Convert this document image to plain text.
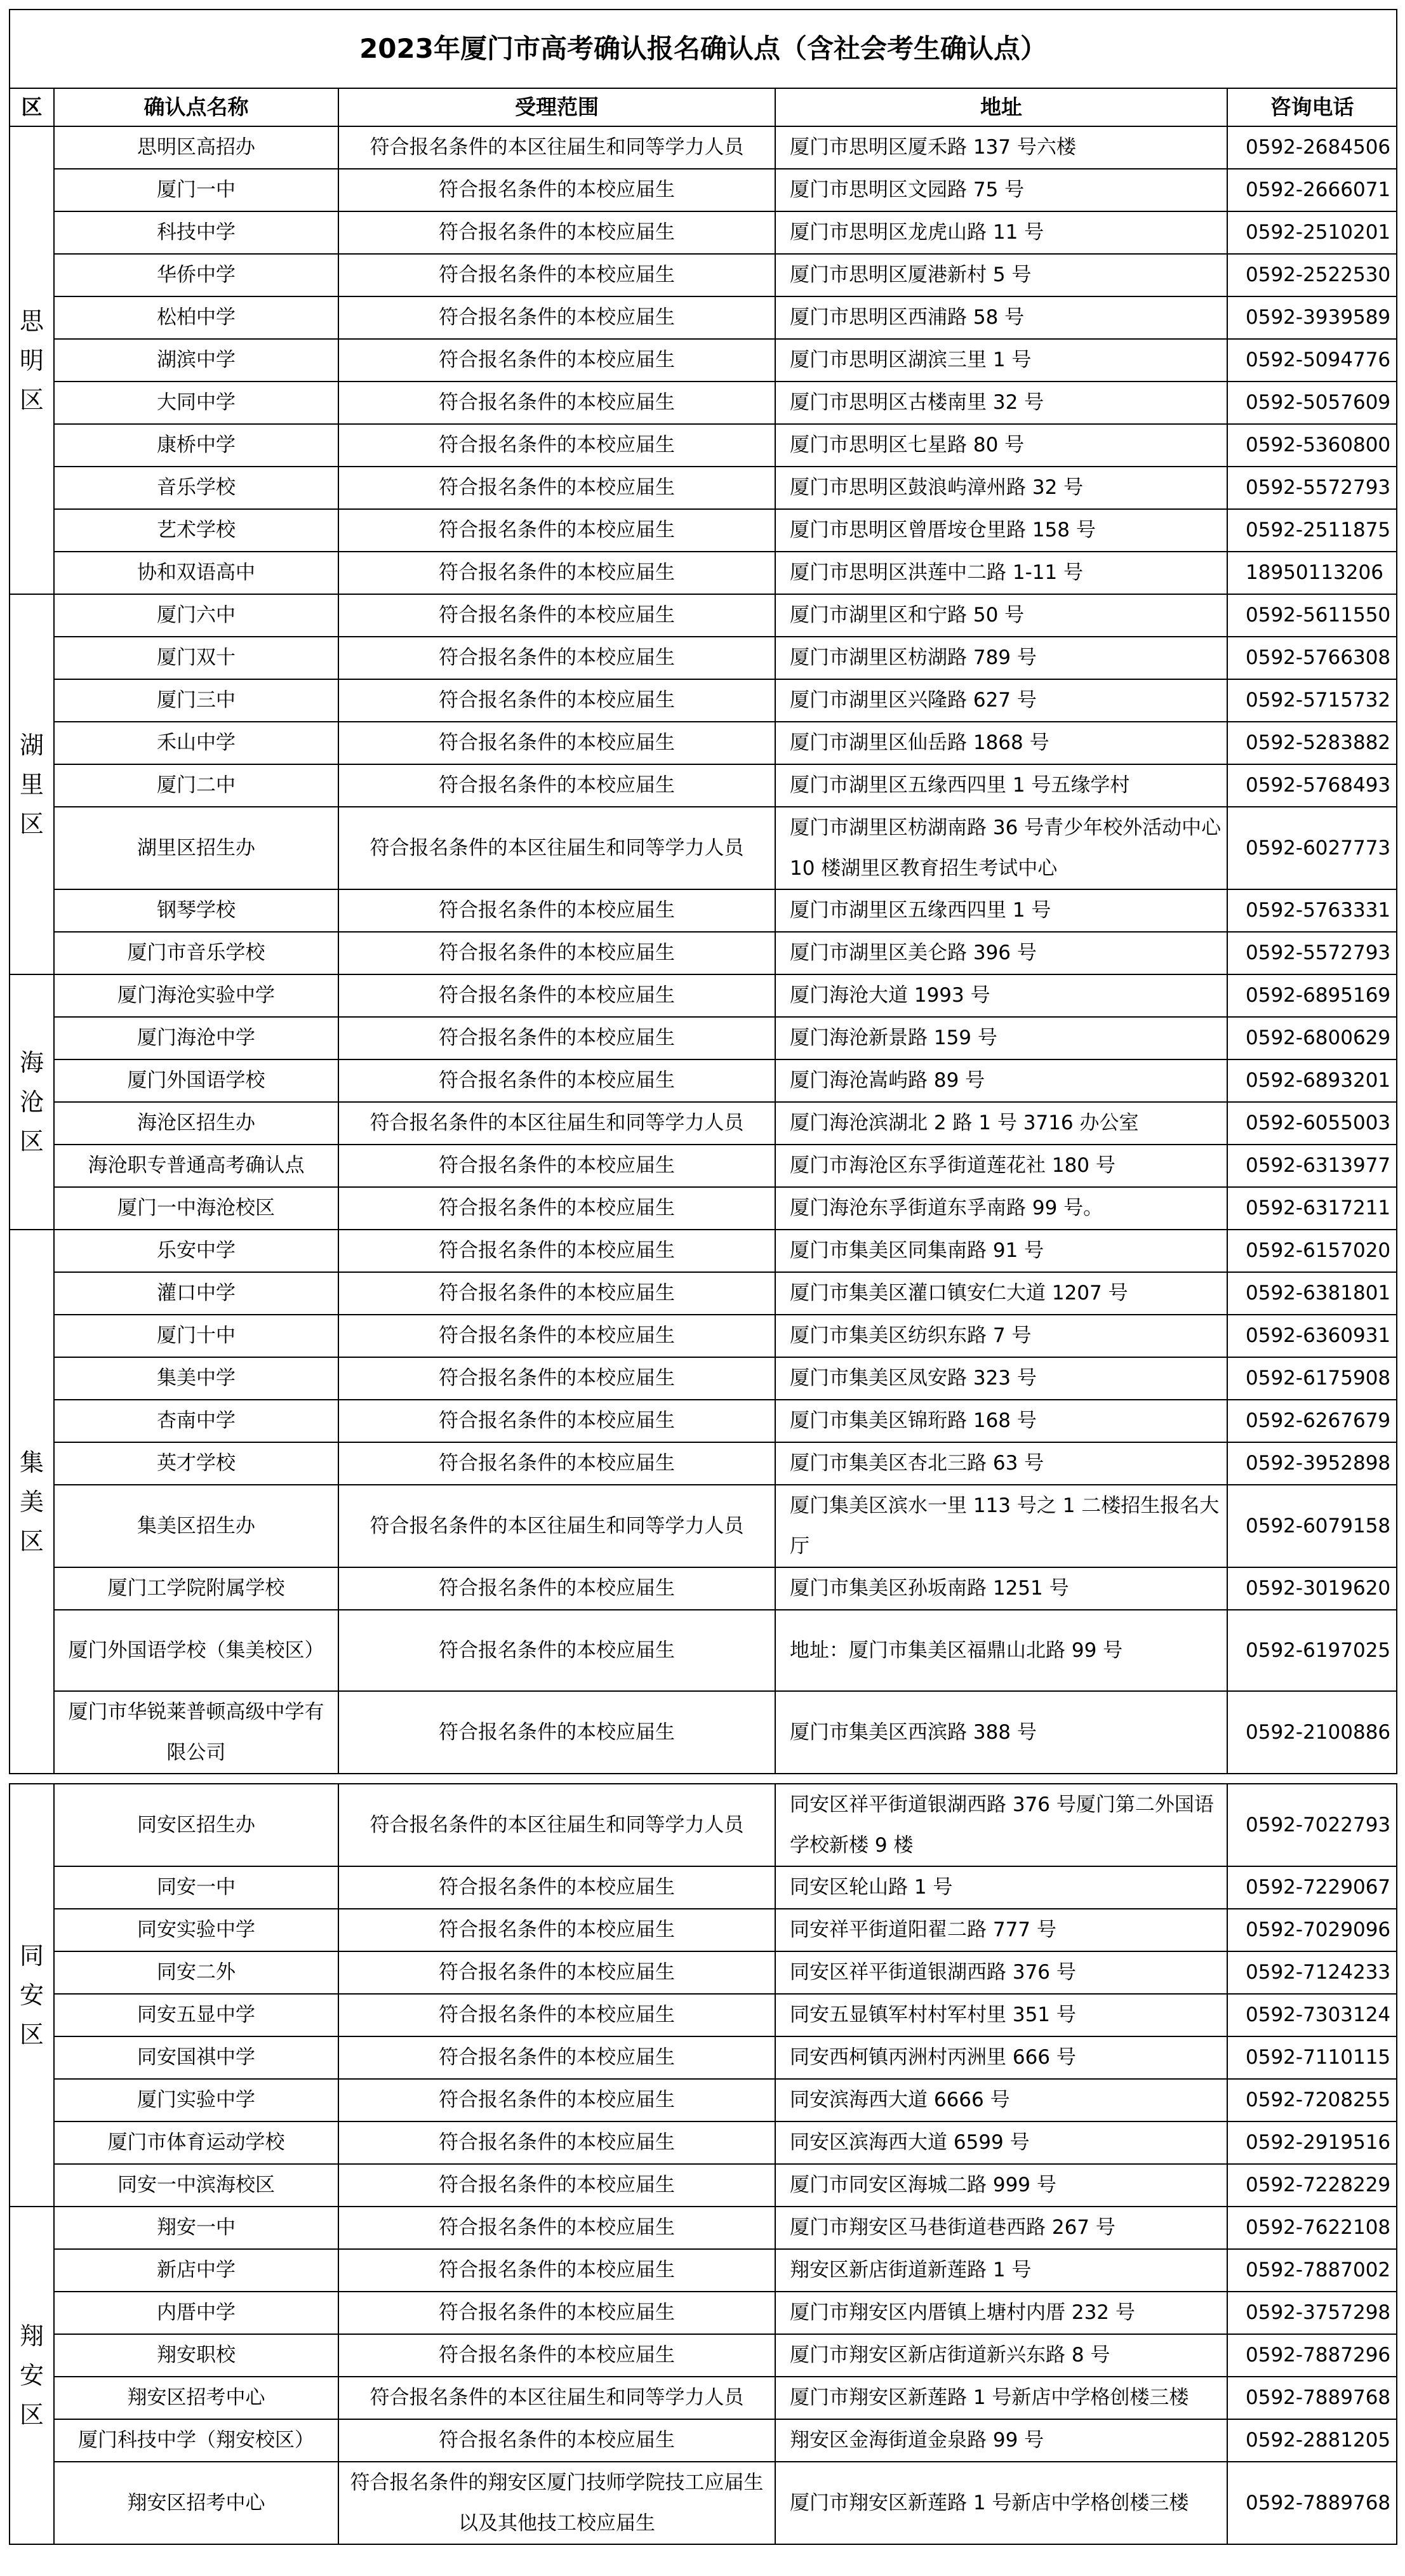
2023年厦门市高考确认报名确认点（含社会考生确认点）				
区	确认点名称	受理范围	地址	咨询电话

思明区	思明区高招办	符合报名条件的本区往届生和同等学力人员	厦门市思明区厦禾路 137 号六楼	0592-2684506
	厦门一中	符合报名条件的本校应届生	厦门市思明区文园路 75 号	0592-2666071
	科技中学	符合报名条件的本校应届生	厦门市思明区龙虎山路 11 号	0592-2510201
	华侨中学	符合报名条件的本校应届生	厦门市思明区厦港新村 5 号	0592-2522530
	松柏中学	符合报名条件的本校应届生	厦门市思明区西浦路 58 号	0592-3939589
	湖滨中学	符合报名条件的本校应届生	厦门市思明区湖滨三里 1 号	0592-5094776
	大同中学	符合报名条件的本校应届生	厦门市思明区古楼南里 32 号	0592-5057609
	康桥中学	符合报名条件的本校应届生	厦门市思明区七星路 80 号	0592-5360800
	音乐学校	符合报名条件的本校应届生	厦门市思明区鼓浪屿漳州路 32 号	0592-5572793
	艺术学校	符合报名条件的本校应届生	厦门市思明区曾厝垵仓里路 158 号	0592-2511875
	协和双语高中	符合报名条件的本校应届生	厦门市思明区洪莲中二路 1-11 号	18950113206

湖里区	厦门六中	符合报名条件的本校应届生	厦门市湖里区和宁路 50 号	0592-5611550
	厦门双十	符合报名条件的本校应届生	厦门市湖里区枋湖路 789 号	0592-5766308
	厦门三中	符合报名条件的本校应届生	厦门市湖里区兴隆路 627 号	0592-5715732
	禾山中学	符合报名条件的本校应届生	厦门市湖里区仙岳路 1868 号	0592-5283882
	厦门二中	符合报名条件的本校应届生	厦门市湖里区五缘西四里 1 号五缘学村	0592-5768493
	湖里区招生办	符合报名条件的本区往届生和同等学力人员	厦门市湖里区枋湖南路 36 号青少年校外活动中心 10 楼湖里区教育招生考试中心	0592-6027773
	钢琴学校	符合报名条件的本校应届生	厦门市湖里区五缘西四里 1 号	0592-5763331
	厦门市音乐学校	符合报名条件的本校应届生	厦门市湖里区美仑路 396 号	0592-5572793

海沧区	厦门海沧实验中学	符合报名条件的本校应届生	厦门海沧大道 1993 号	0592-6895169
	厦门海沧中学	符合报名条件的本校应届生	厦门海沧新景路 159 号	0592-6800629
	厦门外国语学校	符合报名条件的本校应届生	厦门海沧嵩屿路 89 号	0592-6893201
	海沧区招生办	符合报名条件的本区往届生和同等学力人员	厦门海沧滨湖北 2 路 1 号 3716 办公室	0592-6055003
	海沧职专普通高考确认点	符合报名条件的本校应届生	厦门市海沧区东孚街道莲花社 180 号	0592-6313977
	厦门一中海沧校区	符合报名条件的本校应届生	厦门海沧东孚街道东孚南路 99 号。	0592-6317211

集美区	乐安中学	符合报名条件的本校应届生	厦门市集美区同集南路 91 号	0592-6157020
	灌口中学	符合报名条件的本校应届生	厦门市集美区灌口镇安仁大道 1207 号	0592-6381801
	厦门十中	符合报名条件的本校应届生	厦门市集美区纺织东路 7 号	0592-6360931
	集美中学	符合报名条件的本校应届生	厦门市集美区凤安路 323 号	0592-6175908
	杏南中学	符合报名条件的本校应届生	厦门市集美区锦珩路 168 号	0592-6267679
	英才学校	符合报名条件的本校应届生	厦门市集美区杏北三路 63 号	0592-3952898
	集美区招生办	符合报名条件的本区往届生和同等学力人员	厦门集美区滨水一里 113 号之 1 二楼招生报名大厅	0592-6079158
	厦门工学院附属学校	符合报名条件的本校应届生	厦门市集美区孙坂南路 1251 号	0592-3019620
	厦门外国语学校（集美校区）	符合报名条件的本校应届生	地址：厦门市集美区福鼎山北路 99 号	0592-6197025
	厦门市华锐莱普顿高级中学有限公司	符合报名条件的本校应届生	厦门市集美区西滨路 388 号	0592-2100886
同安区	同安区招生办	符合报名条件的本区往届生和同等学力人员	同安区祥平街道银湖西路 376 号厦门第二外国语学校新楼 9 楼	0592-7022793
	同安一中	符合报名条件的本校应届生	同安区轮山路 1 号	0592-7229067
	同安实验中学	符合报名条件的本校应届生	同安祥平街道阳翟二路 777 号	0592-7029096
	同安二外	符合报名条件的本校应届生	同安区祥平街道银湖西路 376 号	0592-7124233
	同安五显中学	符合报名条件的本校应届生	同安五显镇军村村军村里 351 号	0592-7303124
	同安国祺中学	符合报名条件的本校应届生	同安西柯镇丙洲村丙洲里 666 号	0592-7110115
	厦门实验中学	符合报名条件的本校应届生	同安滨海西大道 6666 号	0592-7208255
	厦门市体育运动学校	符合报名条件的本校应届生	同安区滨海西大道 6599 号	0592-2919516
	同安一中滨海校区	符合报名条件的本校应届生	厦门市同安区海城二路 999 号	0592-7228229

翔安区	翔安一中	符合报名条件的本校应届生	厦门市翔安区马巷街道巷西路 267 号	0592-7622108
	新店中学	符合报名条件的本校应届生	翔安区新店街道新莲路 1 号	0592-7887002
	内厝中学	符合报名条件的本校应届生	厦门市翔安区内厝镇上塘村内厝 232 号	0592-3757298
	翔安职校	符合报名条件的本校应届生	厦门市翔安区新店街道新兴东路 8 号	0592-7887296
	翔安区招考中心	符合报名条件的本区往届生和同等学力人员	厦门市翔安区新莲路 1 号新店中学格创楼三楼	0592-7889768
	厦门科技中学（翔安校区）	符合报名条件的本校应届生	翔安区金海街道金泉路 99 号	0592-2881205
	翔安区招考中心	符合报名条件的翔安区厦门技师学院技工应届生以及其他技工校应届生	厦门市翔安区新莲路 1 号新店中学格创楼三楼	0592-7889768
